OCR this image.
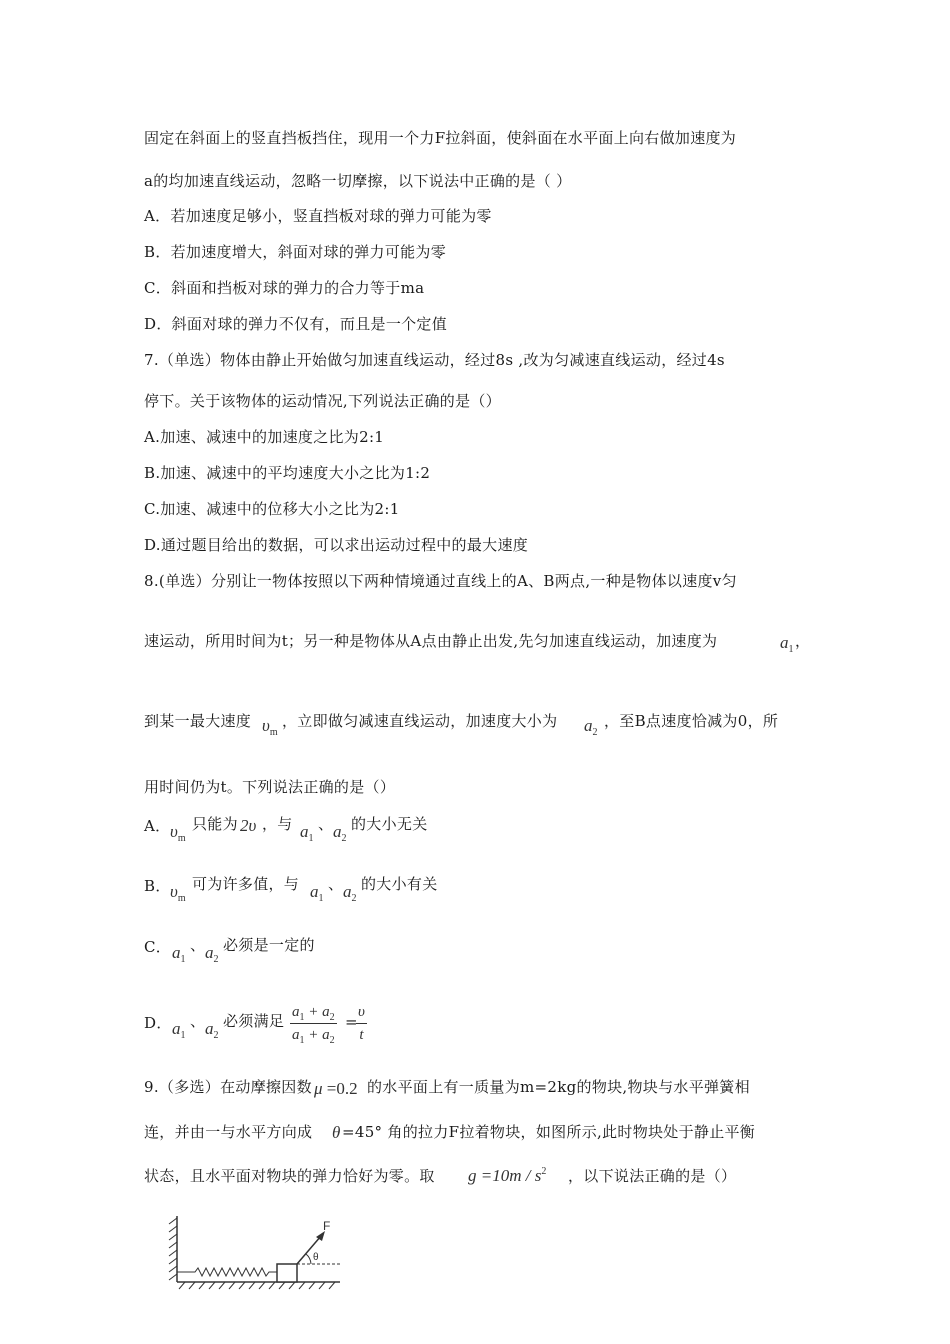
固定在斜面上的竖直挡板挡住，现用一个力F拉斜面，使斜面在水平面上向右做加速度为
a的均加速直线运动，忽略一切摩擦，以下说法中正确的是（ ）
A．若加速度足够小，竖直挡板对球的弹力可能为零
B．若加速度增大，斜面对球的弹力可能为零
C．斜面和挡板对球的弹力的合力等于ma
D．斜面对球的弹力不仅有，而且是一个定值
7.（单选）物体由静止开始做匀加速直线运动，经过8s ,改为匀减速直线运动，经过4s
停下。关于该物体的运动情况,下列说法正确的是（）
A.加速、减速中的加速度之比为2:1
B.加速、减速中的平均速度大小之比为1:2
C.加速、减速中的位移大小之比为2:1
D.通过题目给出的数据，可以求出运动过程中的最大速度
8.(单选）分别让一物体按照以下两种情境通过直线上的A、B两点,一种是物体以速度v匀
速运动，所用时间为t；另一种是物体从A点由静止出发,先匀加速直线运动，加速度为	$a_1$ ，
到某一最大速度 $\upsilon_m$
，立即做匀减速直线运动，加速度大小为 $a_2$
，至B点速度恰减为0，所
用时间仍为t。下列说法正确的是（）
A． $\upsilon_m$
只能为 2υ ，与 $a_1$
、 $a_2$
的大小无关
B． $\upsilon_m$
可为许多值，与 $a_1$
、 $a_2$
的大小有关
C． $a_1$
、 $a_2$
必须是一定的
D． $a_1$
、 $a_2$
必须满足 $\frac{a_1 + a_2}{a_1 + a_2}$ =
$\frac{\upsilon}{t}$
9.（多选）在动摩擦因数 μ =0.2 的水平面上有一质量为m=2kg的物块,物块与水平弹簧相
连，并由一与水平方向成 θ =45° 角的拉力F拉着物块，如图所示,此时物块处于静止平衡
状态，且水平面对物块的弹力恰好为零。取 $g =10m / s^2$ ，以下说法正确的是（）
F
θ
